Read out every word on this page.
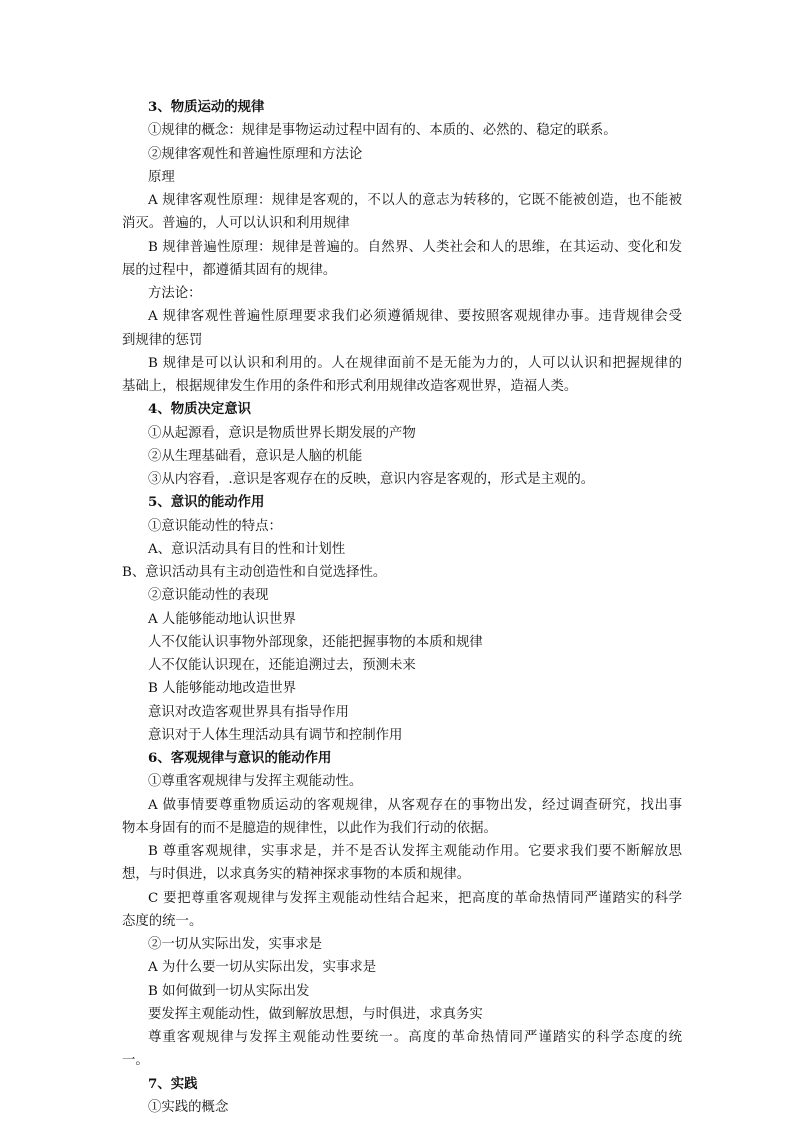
3、物质运动的规律
①规律的概念：规律是事物运动过程中固有的、本质的、必然的、稳定的联系。
②规律客观性和普遍性原理和方法论
原理
A 规律客观性原理：规律是客观的，不以人的意志为转移的，它既不能被创造，也不能被
消灭。普遍的，人可以认识和利用规律
B 规律普遍性原理：规律是普遍的。自然界、人类社会和人的思维，在其运动、变化和发
展的过程中，都遵循其固有的规律。
方法论：
A 规律客观性普遍性原理要求我们必须遵循规律、要按照客观规律办事。违背规律会受
到规律的惩罚
B 规律是可以认识和利用的。人在规律面前不是无能为力的，人可以认识和把握规律的
基础上，根据规律发生作用的条件和形式利用规律改造客观世界，造福人类。
4、物质决定意识
①从起源看，意识是物质世界长期发展的产物
②从生理基础看，意识是人脑的机能
③从内容看，.意识是客观存在的反映，意识内容是客观的，形式是主观的。
5、意识的能动作用
①意识能动性的特点：
A、意识活动具有目的性和计划性
B、意识活动具有主动创造性和自觉选择性。
②意识能动性的表现
A 人能够能动地认识世界
人不仅能认识事物外部现象，还能把握事物的本质和规律
人不仅能认识现在，还能追溯过去，预测未来
B 人能够能动地改造世界
意识对改造客观世界具有指导作用
意识对于人体生理活动具有调节和控制作用
6、客观规律与意识的能动作用
①尊重客观规律与发挥主观能动性。
A 做事情要尊重物质运动的客观规律，从客观存在的事物出发，经过调查研究，找出事
物本身固有的而不是臆造的规律性，以此作为我们行动的依据。
B 尊重客观规律，实事求是，并不是否认发挥主观能动作用。它要求我们要不断解放思
想，与时俱进，以求真务实的精神探求事物的本质和规律。
C 要把尊重客观规律与发挥主观能动性结合起来，把高度的革命热情同严谨踏实的科学
态度的统一。
②一切从实际出发，实事求是
A 为什么要一切从实际出发，实事求是
B 如何做到一切从实际出发
要发挥主观能动性，做到解放思想，与时俱进，求真务实
尊重客观规律与发挥主观能动性要统一。高度的革命热情同严谨踏实的科学态度的统
一。
7、实践
①实践的概念
